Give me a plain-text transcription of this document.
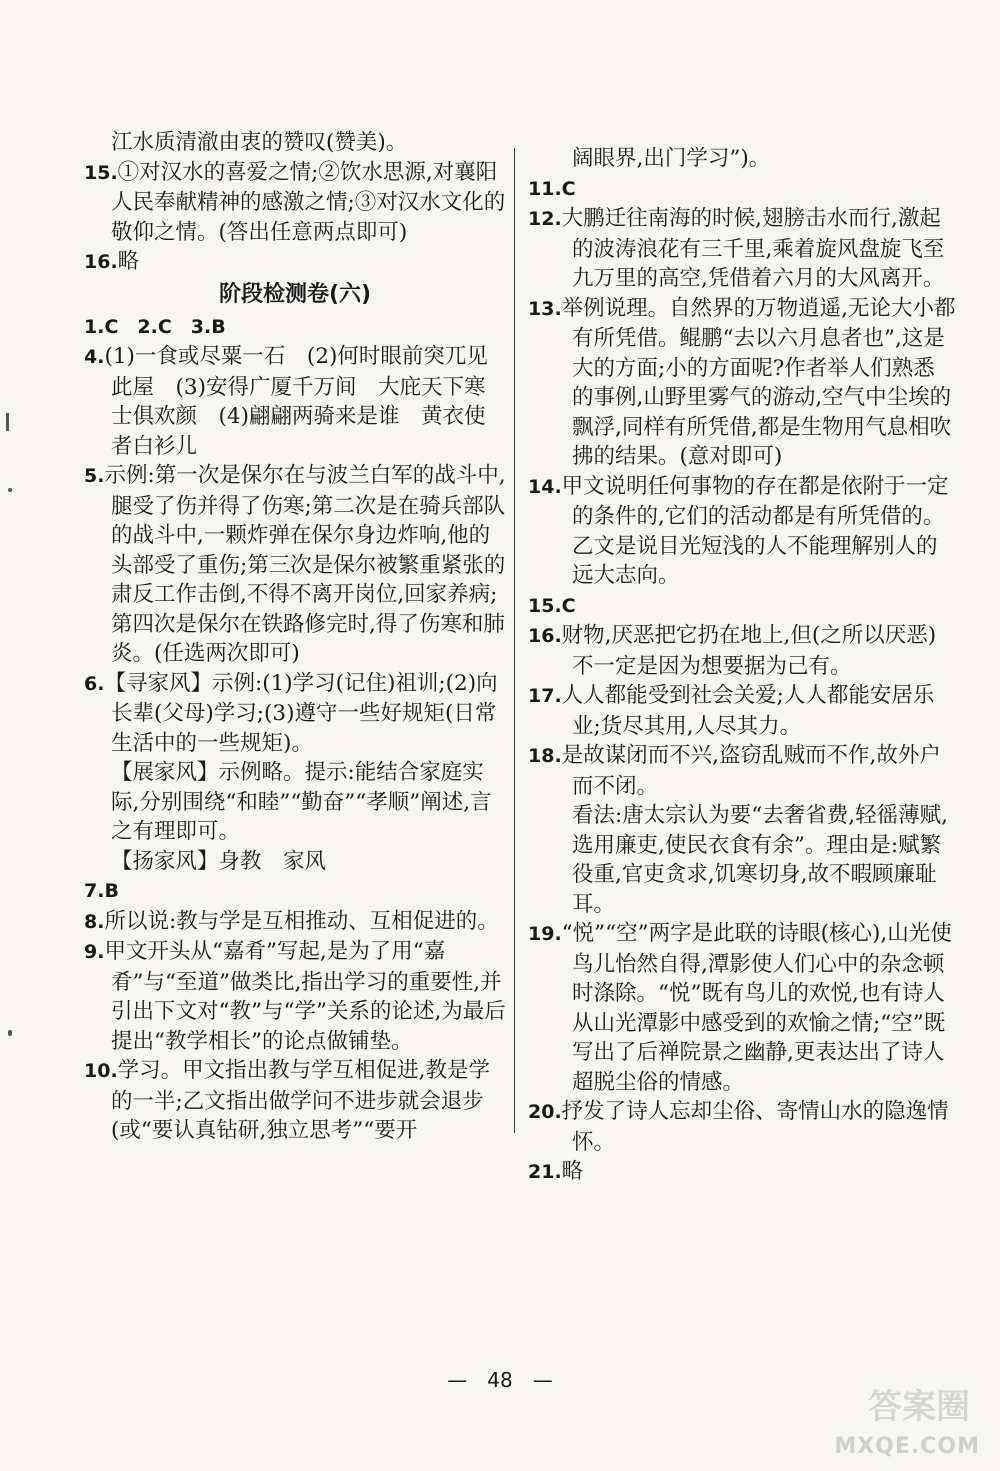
江水质清澈由衷的赞叹(赞美)。

15.①对汉水的喜爱之情;②饮水思源,对襄阳人民奉献精神的感激之情;③对汉水文化的敬仰之情。(答出任意两点即可)

16.略

阶段检测卷(六)

1.C　2.C　3.B

4.(1)一食或尽粟一石　(2)何时眼前突兀见此屋　(3)安得广厦千万间　大庇天下寒士俱欢颜　(4)翩翩两骑来是谁　黄衣使者白衫儿

5.示例:第一次是保尔在与波兰白军的战斗中,腿受了伤并得了伤寒;第二次是在骑兵部队的战斗中,一颗炸弹在保尔身边炸响,他的头部受了重伤;第三次是保尔被繁重紧张的肃反工作击倒,不得不离开岗位,回家养病;第四次是保尔在铁路修完时,得了伤寒和肺炎。(任选两次即可)

6.【寻家风】示例:(1)学习(记住)祖训;(2)向长辈(父母)学习;(3)遵守一些好规矩(日常生活中的一些规矩)。

【展家风】示例略。提示:能结合家庭实际,分别围绕“和睦”“勤奋”“孝顺”阐述,言之有理即可。

【扬家风】身教　家风

7.B

8.所以说:教与学是互相推动、互相促进的。

9.甲文开头从“嘉肴”写起,是为了用“嘉肴”与“至道”做类比,指出学习的重要性,并引出下文对“教”与“学”关系的论述,为最后提出“教学相长”的论点做铺垫。

10.学习。甲文指出教与学互相促进,教是学的一半;乙文指出做学问不进步就会退步(或“要认真钻研,独立思考”“要开

阔眼界,出门学习”)。

11.C

12.大鹏迁往南海的时候,翅膀击水而行,激起的波涛浪花有三千里,乘着旋风盘旋飞至九万里的高空,凭借着六月的大风离开。

13.举例说理。自然界的万物逍遥,无论大小都有所凭借。鲲鹏“去以六月息者也”,这是大的方面;小的方面呢?作者举人们熟悉的事例,山野里雾气的游动,空气中尘埃的飘浮,同样有所凭借,都是生物用气息相吹拂的结果。(意对即可)

14.甲文说明任何事物的存在都是依附于一定的条件的,它们的活动都是有所凭借的。乙文是说目光短浅的人不能理解别人的远大志向。

15.C

16.财物,厌恶把它扔在地上,但(之所以厌恶)不一定是因为想要据为己有。

17.人人都能受到社会关爱;人人都能安居乐业;货尽其用,人尽其力。

18.是故谋闭而不兴,盗窃乱贼而不作,故外户而不闭。

看法:唐太宗认为要“去奢省费,轻徭薄赋,选用廉吏,使民衣食有余”。理由是:赋繁役重,官吏贪求,饥寒切身,故不暇顾廉耻耳。

19.“悦”“空”两字是此联的诗眼(核心),山光使鸟儿怡然自得,潭影使人们心中的杂念顿时涤除。“悦”既有鸟儿的欢悦,也有诗人从山光潭影中感受到的欢愉之情;“空”既写出了后禅院景之幽静,更表达出了诗人超脱尘俗的情感。

20.抒发了诗人忘却尘俗、寄情山水的隐逸情怀。

21.略

—　48　—
答案圈
MXQE.COM
